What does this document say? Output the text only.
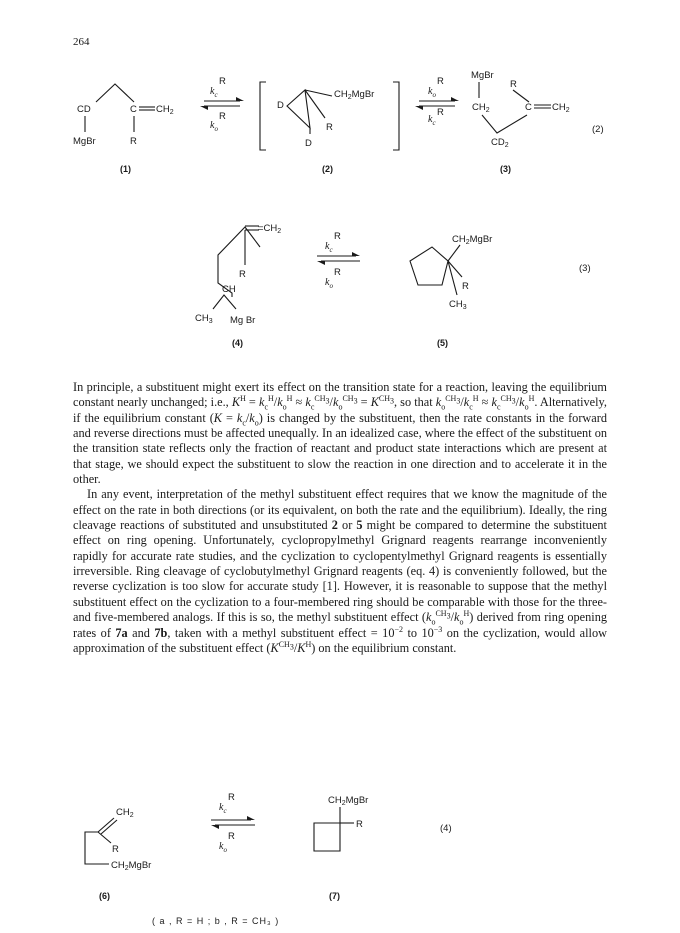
264
CD
MgBr
C $CH_2$
R
$k_c$
R
R
$k_o$
D
$CH_2MgBr$
R
D
R
$k_o$
$k_c$
R
MgBr
$CH_2$
R
C $CH_2$
$CD_2$
(2)
(1)	(2)	(3)
$=CH_2$
R
CH
$CH_3$ Mg Br
R
$k_c$
R
$k_o$
$CH_2MgBr$
R
$CH_3$
(3)
(4)	(5)

In principle, a substituent might exert its effect on the transition state for a reaction, leaving the equilibrium constant nearly unchanged; i.e., $K^H = k_c^H/k_o^H \approx k_c^{CH_3}/k_o^{CH_3} = K^{CH_3}$, so that $k_o^{CH_3}/k_c^H \approx k_c^{CH_3}/k_o^H$. Alternatively, if the equilibrium constant $(K = k_c/k_o)$ is changed by the substituent, then the rate constants in the forward and reverse directions must be affected unequally. In an idealized case, where the effect of the substituent on the transition state reflects only the fraction of reactant and product state interactions which are present at that stage, we should expect the substituent to slow the reaction in one direction and to accelerate it in the other.

In any event, interpretation of the methyl substituent effect requires that we know the magnitude of the effect on the rate in both directions (or its equivalent, on both the rate and the equilibrium). Ideally, the ring cleavage reactions of substituted and unsubstituted 2 or 5 might be compared to determine the substituent effect on ring opening. Unfortunately, cyclopropylmethyl Grignard reagents rearrange inconveniently rapidly for accurate rate studies, and the cyclization to cyclopentylmethyl Grignard reagents is essentially irreversible. Ring cleavage of cyclobutylmethyl Grignard reagents (eq. 4) is conveniently followed, but the reverse cyclization is too slow for accurate study [1]. However, it is reasonable to suppose that the methyl substituent effect on the cyclization to a four-membered ring should be comparable with those for the three- and five-membered analogs. If this is so, the methyl substituent effect $(k_o^{CH_3}/k_o^H)$ derived from ring opening rates of 7a and 7b, taken with a methyl substituent effect = $10^{-2}$ to $10^{-3}$ on the cyclization, would allow approximation of the substituent effect $(K^{CH_3}/K^H)$ on the equilibrium constant.

$CH_2$
R
$CH_2MgBr$
R
$k_c$
R
$k_o$
$CH_2MgBr$
R	(4)
(6)	(7)
( a , R = H ; b , R = CH₃ )
